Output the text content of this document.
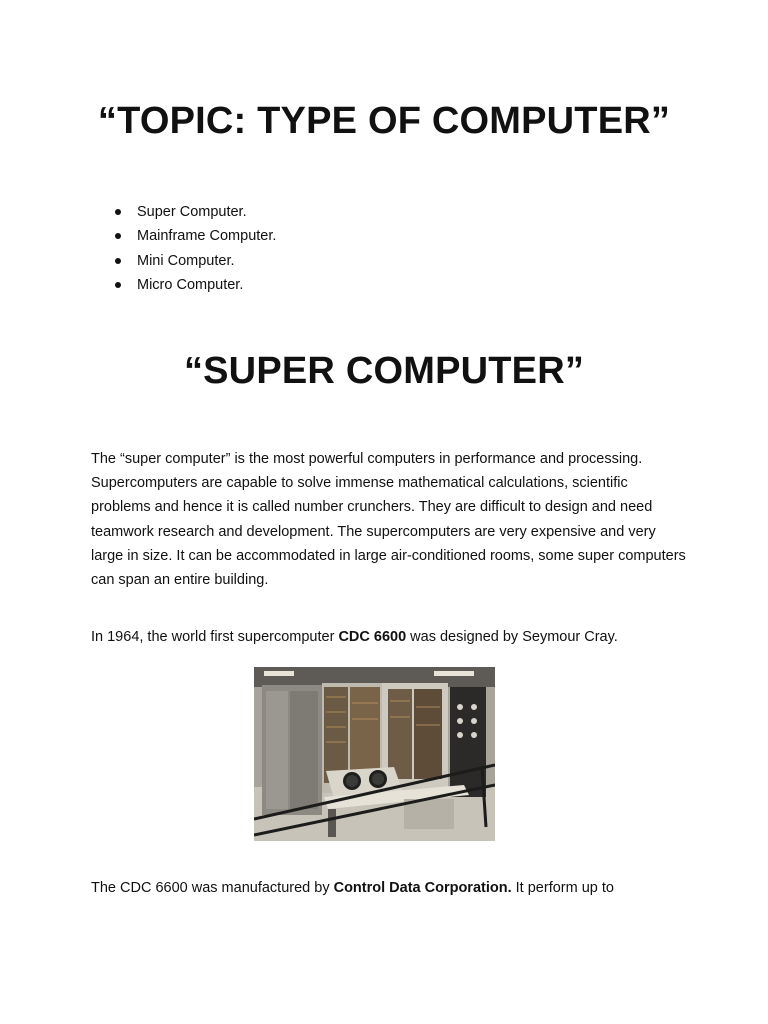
“TOPIC: TYPE OF COMPUTER”
Super Computer.
Mainframe Computer.
Mini Computer.
Micro Computer.
“SUPER COMPUTER”

The “super computer” is the most powerful computers in performance and processing. Supercomputers are capable to solve immense mathematical calculations, scientific problems and hence it is called number crunchers. They are difficult to design and need teamwork research and development. The supercomputers are very expensive and very large in size. It can be accommodated in large air-conditioned rooms, some super computers can span an entire building.

In 1964, the world first supercomputer CDC 6600 was designed by Seymour Cray.

The CDC 6600 was manufactured by Control Data Corporation. It perform up to
